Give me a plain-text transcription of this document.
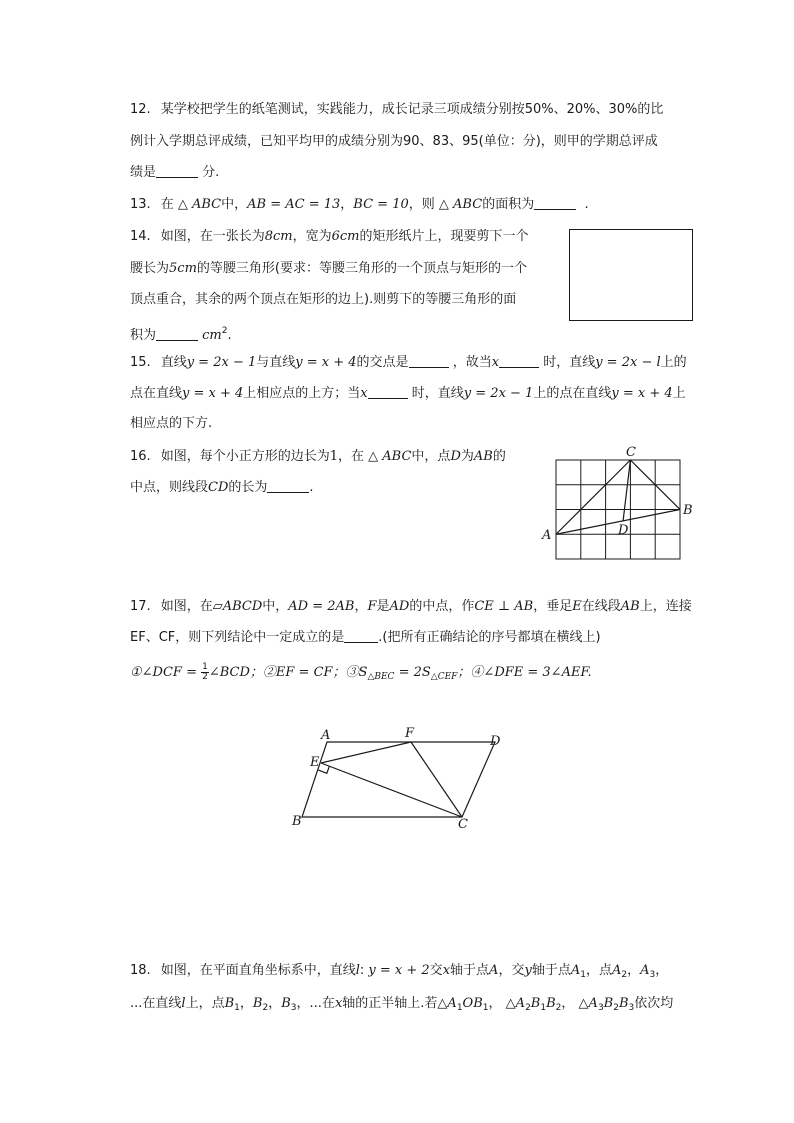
12. 某学校把学生的纸笔测试，实践能力，成长记录三项成绩分别按50%、20%、30%的比
例计入学期总评成绩，已知平均甲的成绩分别为90、83、95(单位：分)，则甲的学期总评成
绩是	分.
13. 在 △ ABC中，AB = AC = 13，BC = 10，则 △ ABC的面积为	.
14. 如图，在一张长为8cm，宽为6cm的矩形纸片上，现要剪下一个
腰长为5cm的等腰三角形(要求：等腰三角形的一个顶点与矩形的一个
顶点重合，其余的两个顶点在矩形的边上).则剪下的等腰三角形的面
积为	$cm^2$.
15. 直线y = 2x − 1与直线y = x + 4的交点是	，故当x	时，直线y = 2x − l上的
点在直线y = x + 4上相应点的上方；当x	时，直线y = 2x − 1上的点在直线y = x + 4上
相应点的下方.
16. 如图，每个小正方形的边长为1，在 △ ABC中，点D为AB的
中点，则线段CD的长为	.
C
B
A	D
17. 如图，在▱ABCD中，AD = 2AB，F是AD的中点，作CE ⊥ AB，垂足E在线段AB上，连接
EF、CF，则下列结论中一定成立的是	.(把所有正确结论的序号都填在横线上)
①∠DCF = $\frac{1}{2}$ ∠BCD；②EF = CF；$③S_{\triangle BEC} = 2S_{\triangle CEF}$；④∠DFE = 3∠AEF.
A	F
D
E
B	C
18. 如图，在平面直角坐标系中，直线l: y = x + 2交x轴于点A，交y轴于点$A_1$，点$A_2$，$A_3$，
...在直线l上，点$B_1$，$B_2$，$B_3$，...在x轴的正半轴上.若$\triangle A_1OB_1$， $\triangle A_2B_1B_2$， $\triangle A_3B_2B_3$依次均
